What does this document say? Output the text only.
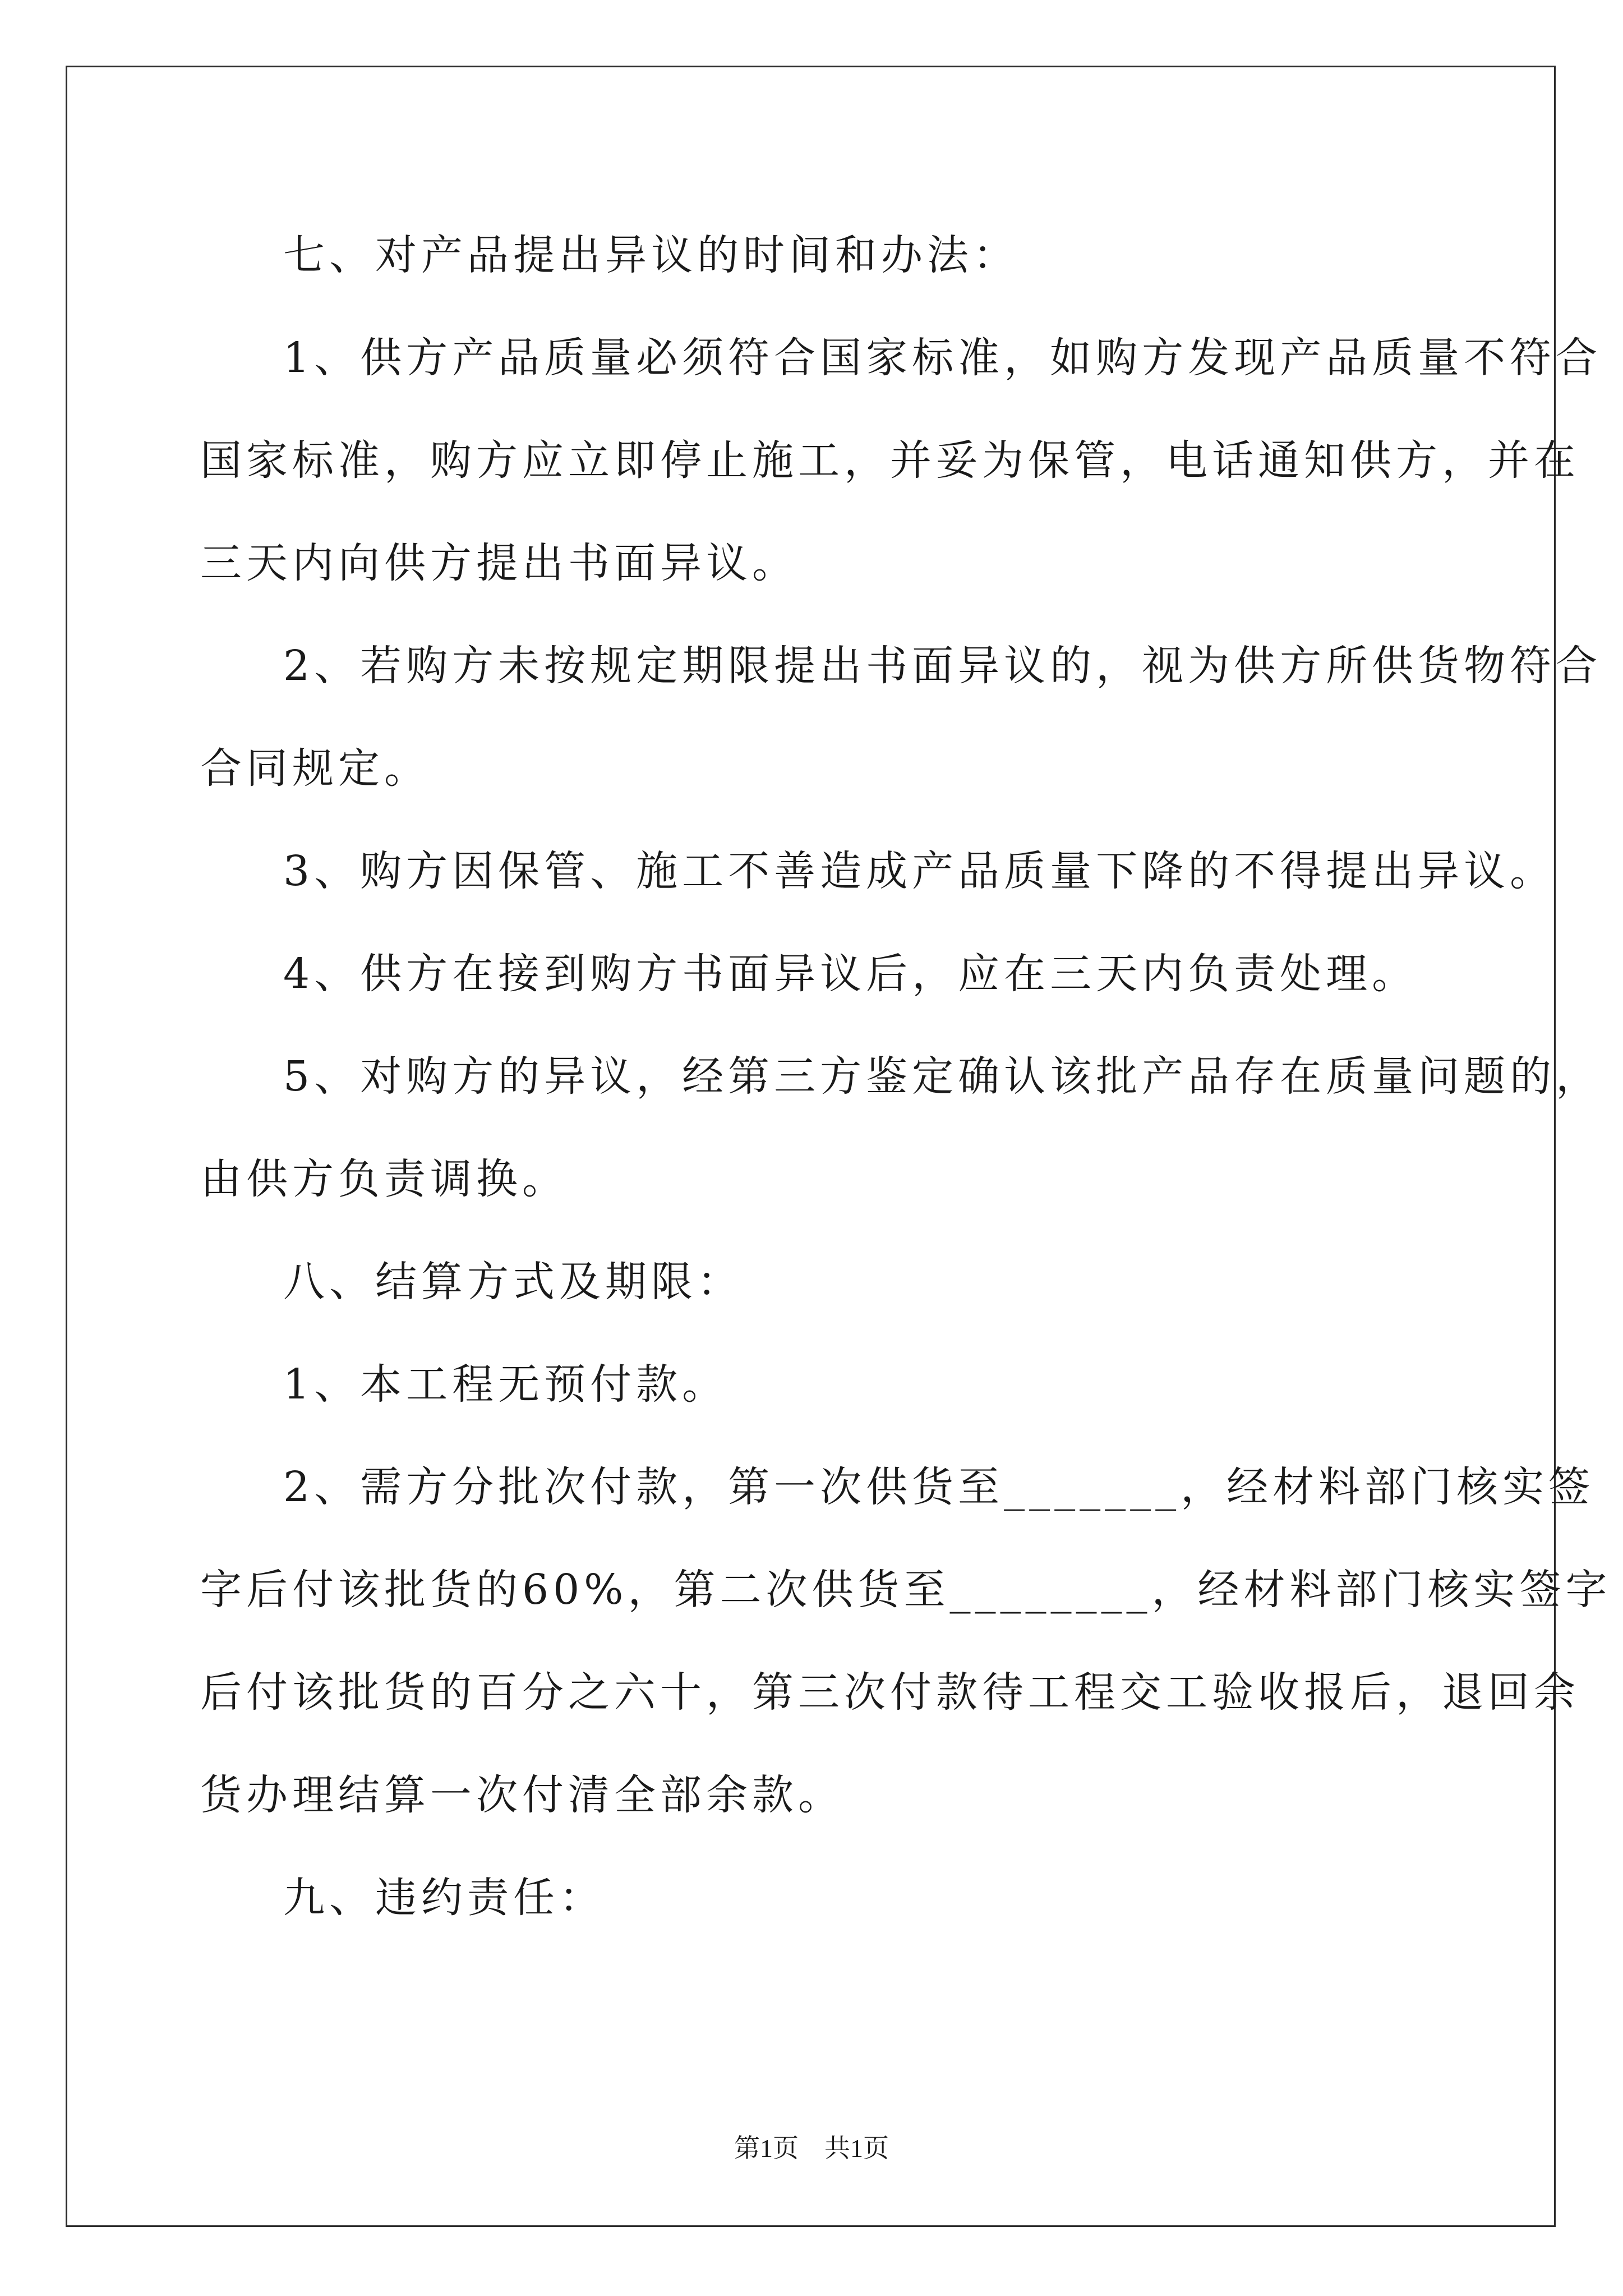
七、对产品提出异议的时间和办法：
1、供方产品质量必须符合国家标准，如购方发现产品质量不符合
国家标准，购方应立即停止施工，并妥为保管，电话通知供方，并在
三天内向供方提出书面异议。
2、若购方未按规定期限提出书面异议的，视为供方所供货物符合
合同规定。
3、购方因保管、施工不善造成产品质量下降的不得提出异议。
4、供方在接到购方书面异议后，应在三天内负责处理。
5、对购方的异议，经第三方鉴定确认该批产品存在质量问题的，
由供方负责调换。
八、结算方式及期限：
1、本工程无预付款。
2、需方分批次付款，第一次供货至_______，经材料部门核实签
字后付该批货的60%，第二次供货至________，经材料部门核实签字
后付该批货的百分之六十，第三次付款待工程交工验收报后，退回余
货办理结算一次付清全部余款。
九、违约责任：
第1页　共1页
